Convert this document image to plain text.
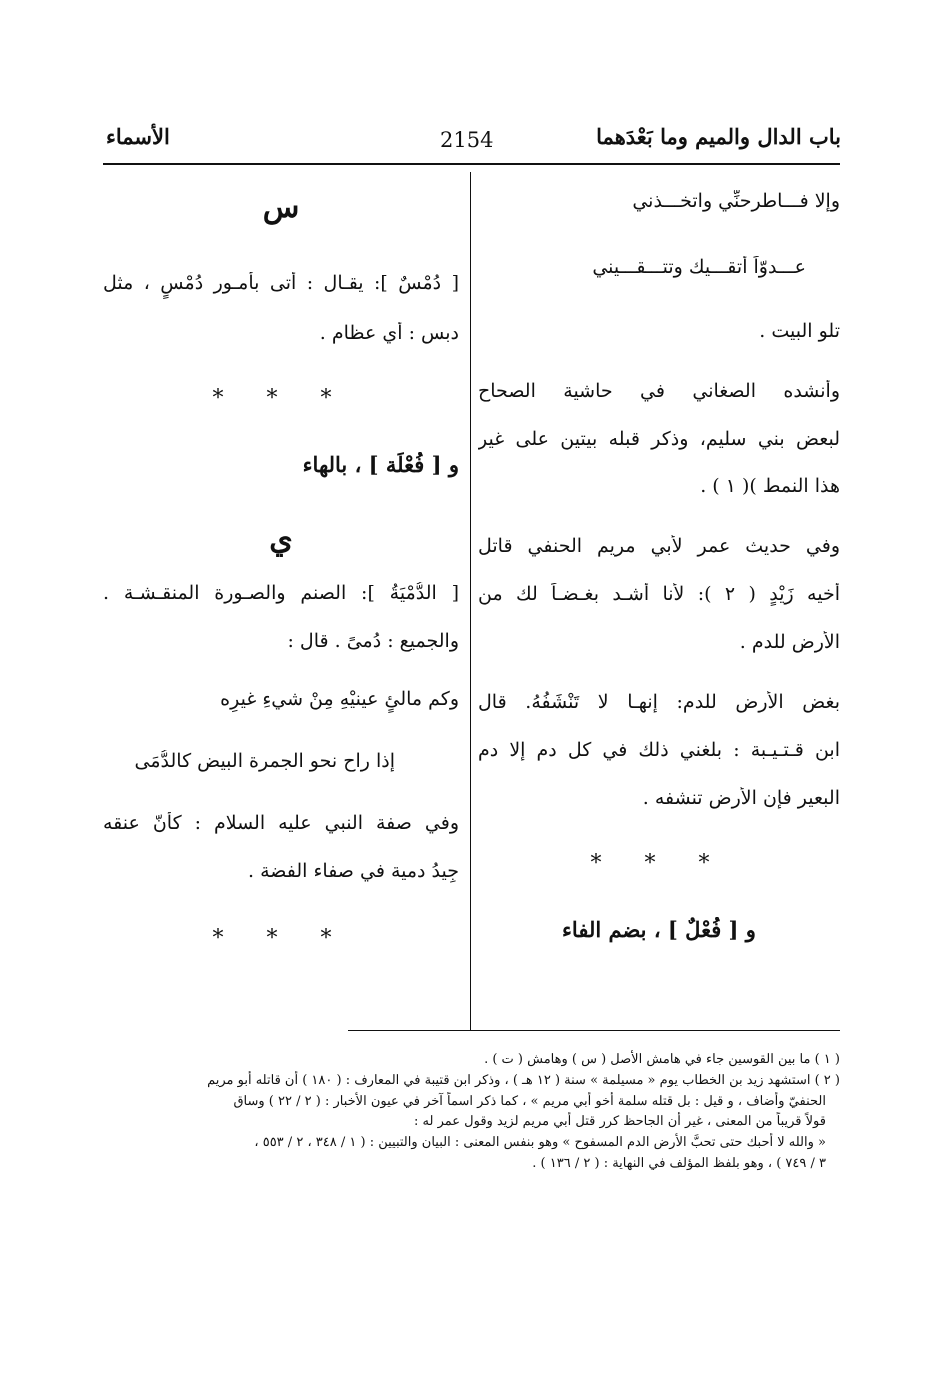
باب الدال والميم وما بَعْدَهما
2154
الأسماء
وإلا فـــاطرحنِّي واتخـــذني
عـــدوّاً أتقـــيك وتتـــقـــيني
تلو البيت .
وأنشده الصغاني في حاشية الصحاح
لبعض بني سليم، وذكر قبله بيتين على غير
هذا النمط )( ١ ) .
وفي حديث عمر لأبي مريم الحنفي قاتل
أخيه زَيْدٍ ( ٢ ): لأنا أشـد بغـضـاً لك من
الأرض للدم .
بغض الأرض للدم: إنهـا لا تَنْشَفُهُ. قال
ابن قـتـيـبة : بلغني ذلك في كل دم إلا دم
البعير فإن الأرض تنشفه .
* * *
و [ فُعْلٌ ] ، بضم الفاء
س
[ دُمْسٌ ]: يقـال : أتى بأمـور دُمْسٍ ، مثل
دبس : أي عظام .
* * *
و [ فُعْلَة ] ، بالهاء
ي
[ الدُّمْيَةُ ]: الصنم والصـورة المنقـشـة .
والجميع : دُمىً . قال :
وكم مالئٍ عينيْهِ مِنْ شيءِ غيرِه
إذا راح نحو الجمرة البيض كالدُّمَى
وفي صفة النبي عليه السلام : كأنّ عنقه
جِيدُ دمية في صفاء الفضة .
* * *
( ١ ) ما بين القوسين جاء في هامش الأصل ( س ) وهامش ( ت ) .
( ٢ ) استشهد زيد بن الخطاب يوم « مسيلمة » سنة ( ١٢ هـ ) ، وذكر ابن قتيبة في المعارف : ( ١٨٠ ) أن قاتله أبو مريم
الحنفيّ وأضاف ، و قيل : بل قتله سلمة أخو أبي مريم » ، كما ذكر اسماً آخر في عيون الأخبار : ( ٢ / ٢٢ ) وساق
قولاً قريباً من المعنى ، غير أن الجاحظ كرر قتل أبي مريم لزيد وقول عمر له :
« والله لا أحبك حتى تحبَّ الأرض الدم المسفوح » وهو بنفس المعنى : البيان والتبيين : ( ١ / ٣٤٨ ، ٢ / ٥٥٣ ،
٣ / ٧٤٩ ) ، وهو بلفظ المؤلف في النهاية : ( ٢ / ١٣٦ ) .
